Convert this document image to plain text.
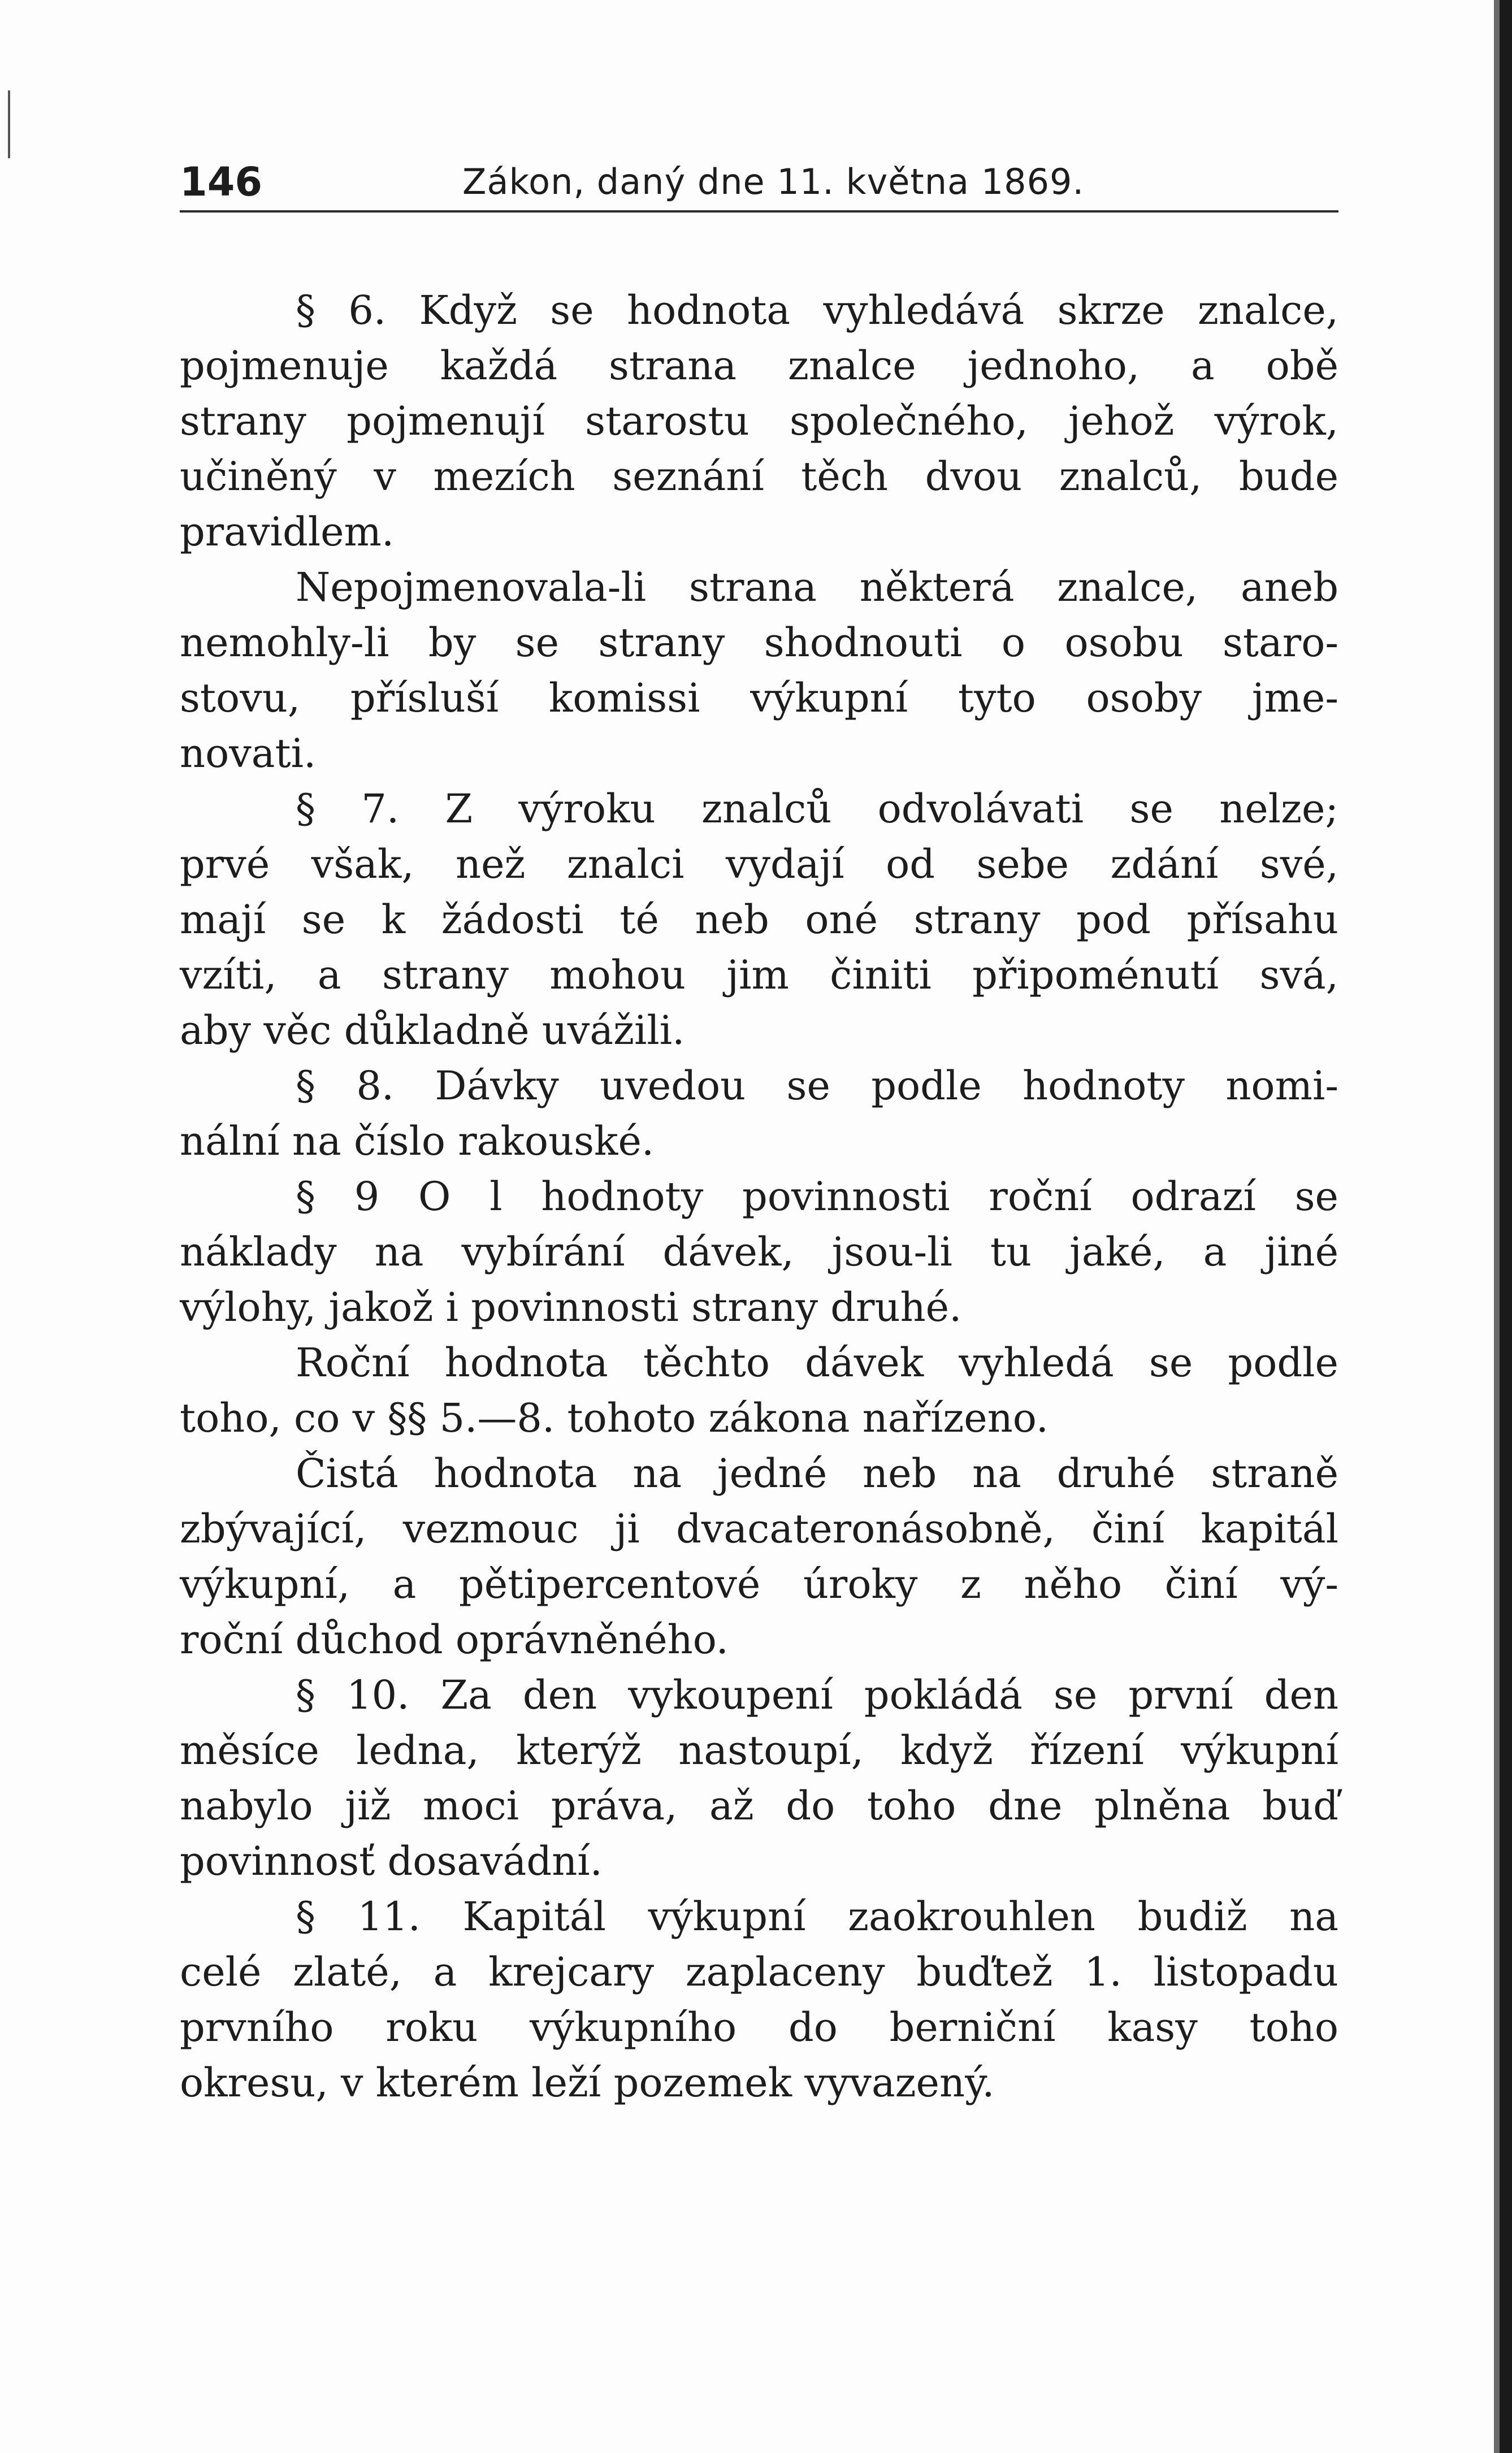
146	Zákon, daný dne 11. května 1869.
§ 6. Když se hodnota vyhledává skrze znalce,
pojmenuje každá strana znalce jednoho, a obě
strany pojmenují starostu společného, jehož výrok,
učiněný v mezích seznání těch dvou znalců, bude
pravidlem.
Nepojmenovala-li strana některá znalce, aneb
nemohly-li by se strany shodnouti o osobu staro-
stovu, přísluší komissi výkupní tyto osoby jme-
novati.
§ 7. Z výroku znalců odvolávati se nelze;
prvé však, než znalci vydají od sebe zdání své,
mají se k žádosti té neb oné strany pod přísahu
vzíti, a strany mohou jim činiti připoménutí svá,
aby věc důkladně uvážili.
§ 8. Dávky uvedou se podle hodnoty nomi-
nální na číslo rakouské.
§ 9 O l hodnoty povinnosti roční odrazí se
náklady na vybírání dávek, jsou-li tu jaké, a jiné
výlohy, jakož i povinnosti strany druhé.
Roční hodnota těchto dávek vyhledá se podle
toho, co v §§ 5.—8. tohoto zákona nařízeno.
Čistá hodnota na jedné neb na druhé straně
zbývající, vezmouc ji dvacateronásobně, činí kapitál
výkupní, a pětipercentové úroky z něho činí vý-
roční důchod oprávněného.
§ 10. Za den vykoupení pokládá se první den
měsíce ledna, kterýž nastoupí, když řízení výkupní
nabylo již moci práva, až do toho dne plněna buď
povinnosť dosavádní.
§ 11. Kapitál výkupní zaokrouhlen budiž na
celé zlaté, a krejcary zaplaceny buďtež 1. listopadu
prvního roku výkupního do berniční kasy toho
okresu, v kterém leží pozemek vyvazený.
